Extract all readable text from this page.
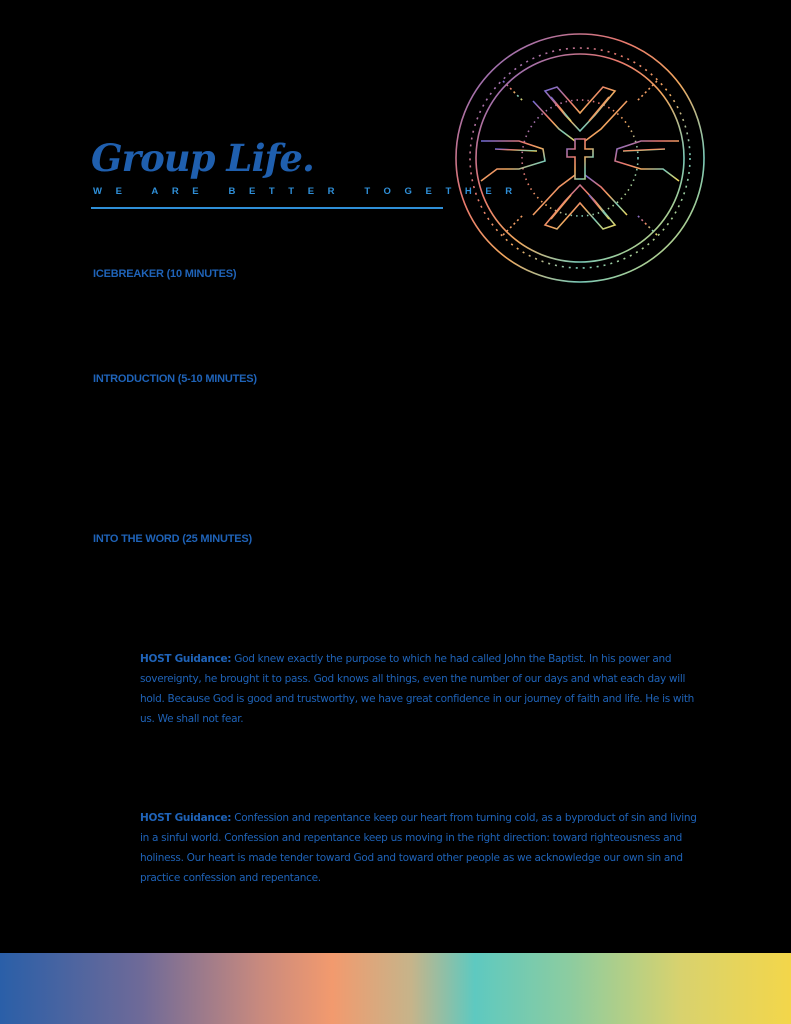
Group Life.
WE ARE BETTER TOGETHER
ICEBREAKER (10 MINUTES)
INTRODUCTION (5-10 MINUTES)
INTO THE WORD (25 MINUTES)

HOST Guidance: God knew exactly the purpose to which he had called John the Baptist. In his power and sovereignty, he brought it to pass. God knows all things, even the number of our days and what each day will hold. Because God is good and trustworthy, we have great confidence in our journey of faith and life. He is with us. We shall not fear.

HOST Guidance: Confession and repentance keep our heart from turning cold, as a byproduct of sin and living in a sinful world. Confession and repentance keep us moving in the right direction: toward righteousness and holiness. Our heart is made tender toward God and toward other people as we acknowledge our own sin and practice confession and repentance.
